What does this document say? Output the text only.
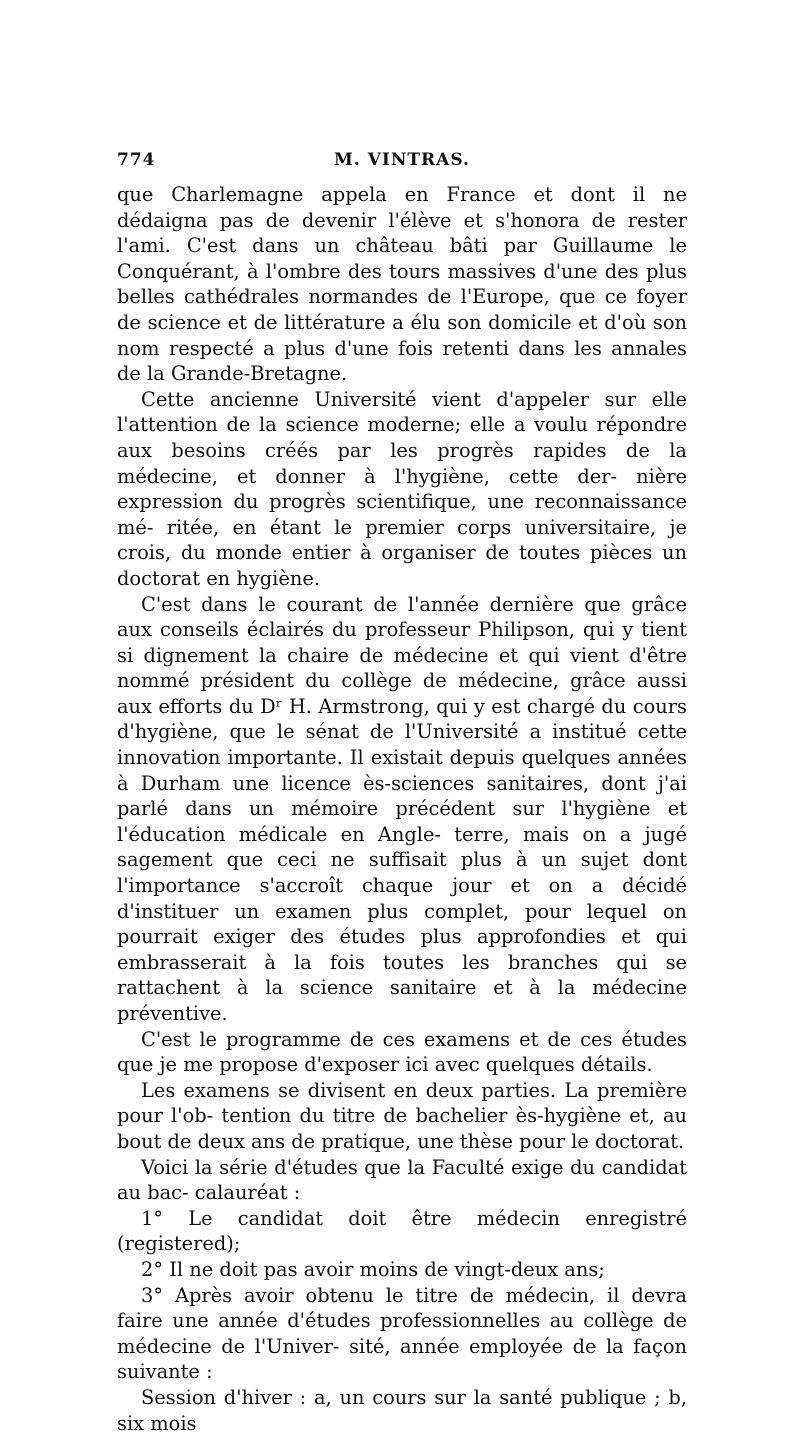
774	M. VINTRAS.

que Charlemagne appela en France et dont il ne dédaigna pas de devenir l'élève et s'honora de rester l'ami. C'est dans un château bâti par Guillaume le Conquérant, à l'ombre des tours massives d'une des plus belles cathédrales normandes de l'Europe, que ce foyer de science et de littérature a élu son domicile et d'où son nom respecté a plus d'une fois retenti dans les annales de la Grande-Bretagne.

Cette ancienne Université vient d'appeler sur elle l'attention de la science moderne; elle a voulu répondre aux besoins créés par les progrès rapides de la médecine, et donner à l'hygiène, cette der- nière expression du progrès scientifique, une reconnaissance mé- ritée, en étant le premier corps universitaire, je crois, du monde entier à organiser de toutes pièces un doctorat en hygiène.

C'est dans le courant de l'année dernière que grâce aux conseils éclairés du professeur Philipson, qui y tient si dignement la chaire de médecine et qui vient d'être nommé président du collège de médecine, grâce aussi aux efforts du Dʳ H. Armstrong, qui y est chargé du cours d'hygiène, que le sénat de l'Université a institué cette innovation importante. Il existait depuis quelques années à Durham une licence ès-sciences sanitaires, dont j'ai parlé dans un mémoire précédent sur l'hygiène et l'éducation médicale en Angle- terre, mais on a jugé sagement que ceci ne suffisait plus à un sujet dont l'importance s'accroît chaque jour et on a décidé d'instituer un examen plus complet, pour lequel on pourrait exiger des études plus approfondies et qui embrasserait à la fois toutes les branches qui se rattachent à la science sanitaire et à la médecine préventive.

C'est le programme de ces examens et de ces études que je me propose d'exposer ici avec quelques détails.

Les examens se divisent en deux parties. La première pour l'ob- tention du titre de bachelier ès-hygiène et, au bout de deux ans de pratique, une thèse pour le doctorat.

Voici la série d'études que la Faculté exige du candidat au bac- calauréat :

1° Le candidat doit être médecin enregistré (registered);

2° Il ne doit pas avoir moins de vingt-deux ans;

3° Après avoir obtenu le titre de médecin, il devra faire une année d'études professionnelles au collège de médecine de l'Univer- sité, année employée de la façon suivante :

Session d'hiver : a, un cours sur la santé publique ; b, six mois
